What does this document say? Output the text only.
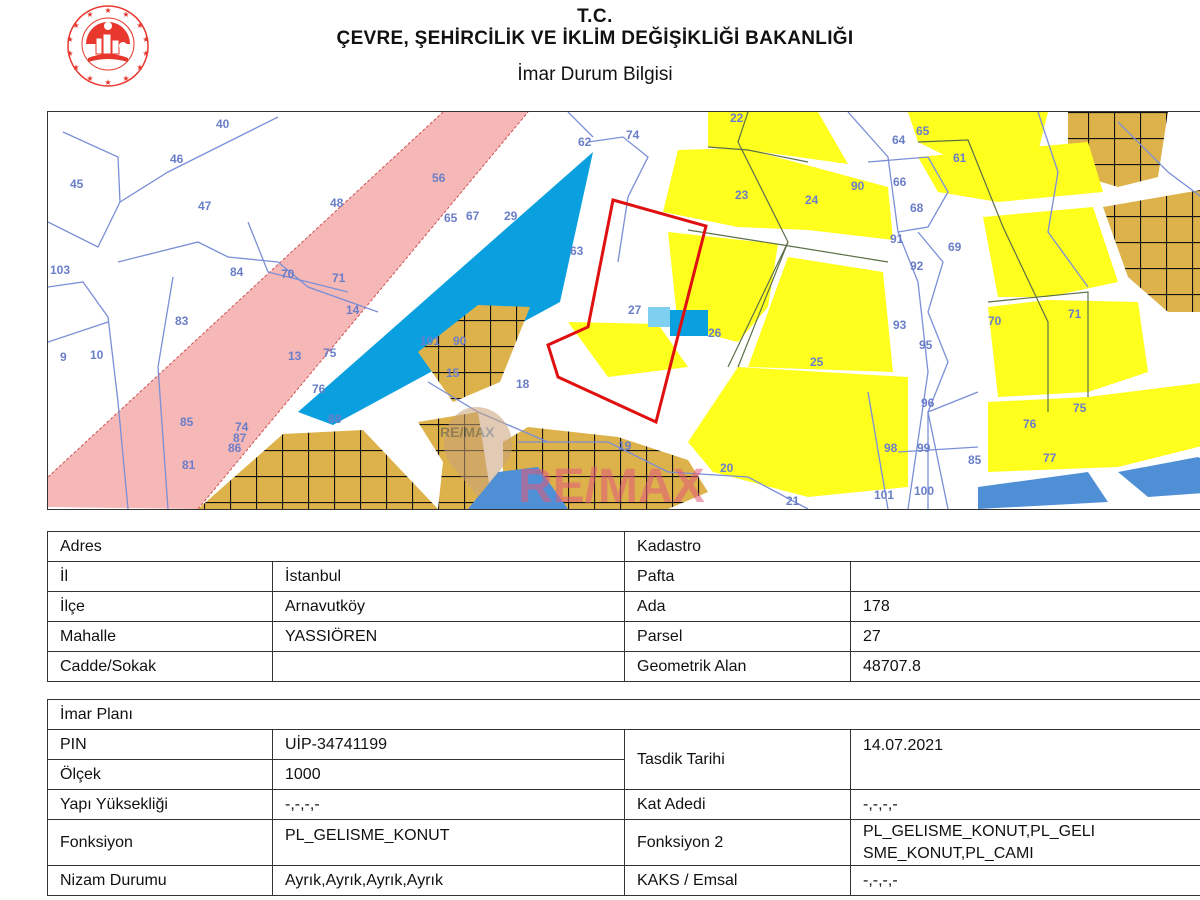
★
★	★
★	★
★	★
★	★
★	★
★	★
★
T.C.
ÇEVRE, ŞEHİRCİLİK VE İKLİM DEĞİŞİKLİĞİ BAKANLIĞI
İmar Durum Bilgisi
40
46
45
47	48
103	84	70	71
83
9 10	13 75
76
88
85	74
87
86
81
56
65 67 29
62
63
74
14
101 90
15
18
19
27
26
22
23	24
25
64
66
68
91
92
90
61
65
69
93
95
96
98 99
101 100
70	71
75
76
77
85
20
21
RE/MAX
RE/MAX
Adres		Kadastro	
İl	İstanbul	Pafta	
İlçe	Arnavutköy	Ada	178
Mahalle	YASSIÖREN	Parsel	27
Cadde/Sokak		Geometrik Alan	48707.8
İmar Planı			
PIN	UİP-34741199	Tasdik Tarihi	14.07.2021
Ölçek	1000		
Yapı Yüksekliği	-,-,-,-	Kat Adedi	-,-,-,-
Fonksiyon	PL_GELISME_KONUT	Fonksiyon 2	PL_GELISME_KONUT,PL_GELI SME_KONUT,PL_CAMI
Nizam Durumu	Ayrık,Ayrık,Ayrık,Ayrık	KAKS / Emsal	-,-,-,-
